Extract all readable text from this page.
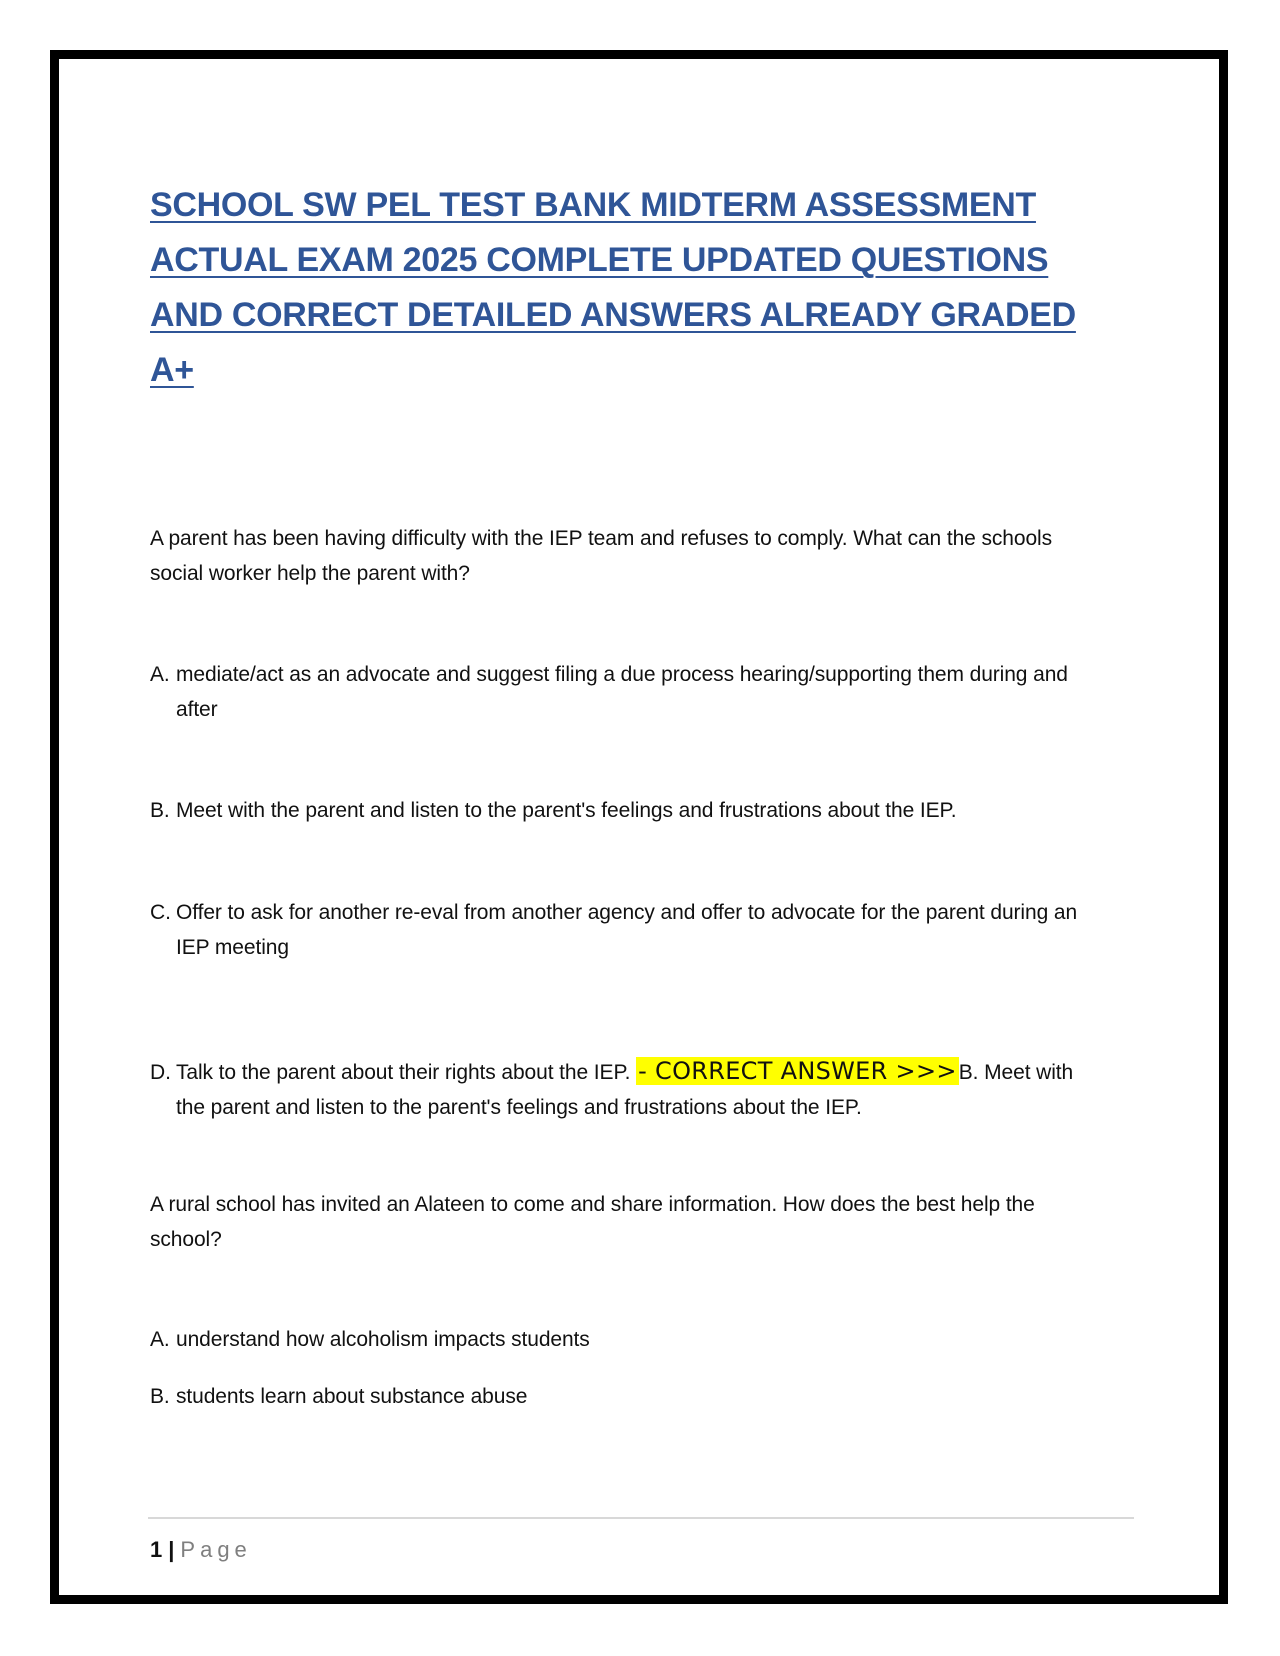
SCHOOL SW PEL TEST BANK MIDTERM ASSESSMENT ACTUAL EXAM 2025 COMPLETE UPDATED QUESTIONS AND CORRECT DETAILED ANSWERS ALREADY GRADED A+

A parent has been having difficulty with the IEP team and refuses to comply. What can the schools social worker help the parent with?

A. mediate/act as an advocate and suggest filing a due process hearing/supporting them during and after

B. Meet with the parent and listen to the parent's feelings and frustrations about the IEP.

C. Offer to ask for another re-eval from another agency and offer to advocate for the parent during an IEP meeting

D. Talk to the parent about their rights about the IEP. - CORRECT ANSWER >>>B. Meet with the parent and listen to the parent's feelings and frustrations about the IEP.

A rural school has invited an Alateen to come and share information. How does the best help the school?

A. understand how alcoholism impacts students

B. students learn about substance abuse

1 | Page
